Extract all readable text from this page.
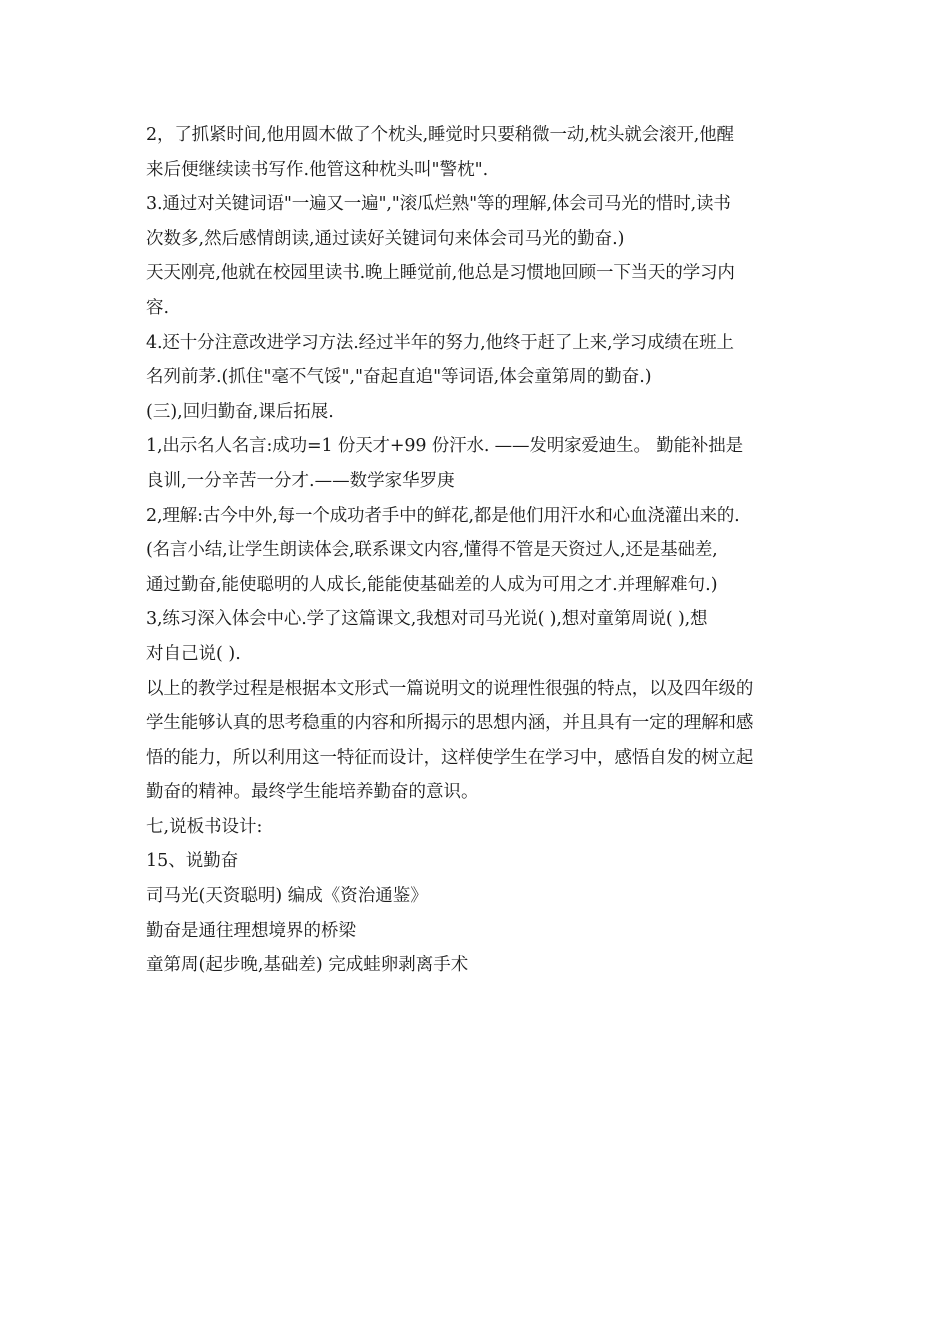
2，了抓紧时间,他用圆木做了个枕头,睡觉时只要稍微一动,枕头就会滚开,他醒
来后便继续读书写作.他管这种枕头叫"警枕".
3.通过对关键词语"一遍又一遍","滚瓜烂熟"等的理解,体会司马光的惜时,读书
次数多,然后感情朗读,通过读好关键词句来体会司马光的勤奋.)
天天刚亮,他就在校园里读书.晚上睡觉前,他总是习惯地回顾一下当天的学习内
容.
4.还十分注意改进学习方法.经过半年的努力,他终于赶了上来,学习成绩在班上
名列前茅.(抓住"毫不气馁","奋起直追"等词语,体会童第周的勤奋.)
(三),回归勤奋,课后拓展.
1,出示名人名言:成功=1 份天才+99 份汗水. ——发明家爱迪生。 勤能补拙是
良训,一分辛苦一分才.——数学家华罗庚
2,理解:古今中外,每一个成功者手中的鲜花,都是他们用汗水和心血浇灌出来的.
(名言小结,让学生朗读体会,联系课文内容,懂得不管是天资过人,还是基础差,
通过勤奋,能使聪明的人成长,能能使基础差的人成为可用之才.并理解难句.)
3,练习深入体会中心.学了这篇课文,我想对司马光说( ),想对童第周说( ),想
对自己说( ).
以上的教学过程是根据本文形式一篇说明文的说理性很强的特点，以及四年级的
学生能够认真的思考稳重的内容和所揭示的思想内涵，并且具有一定的理解和感
悟的能力，所以利用这一特征而设计，这样使学生在学习中，感悟自发的树立起
勤奋的精神。最终学生能培养勤奋的意识。
七,说板书设计:
15、说勤奋
司马光(天资聪明) 编成《资治通鉴》
勤奋是通往理想境界的桥梁
童第周(起步晚,基础差) 完成蛙卵剥离手术
